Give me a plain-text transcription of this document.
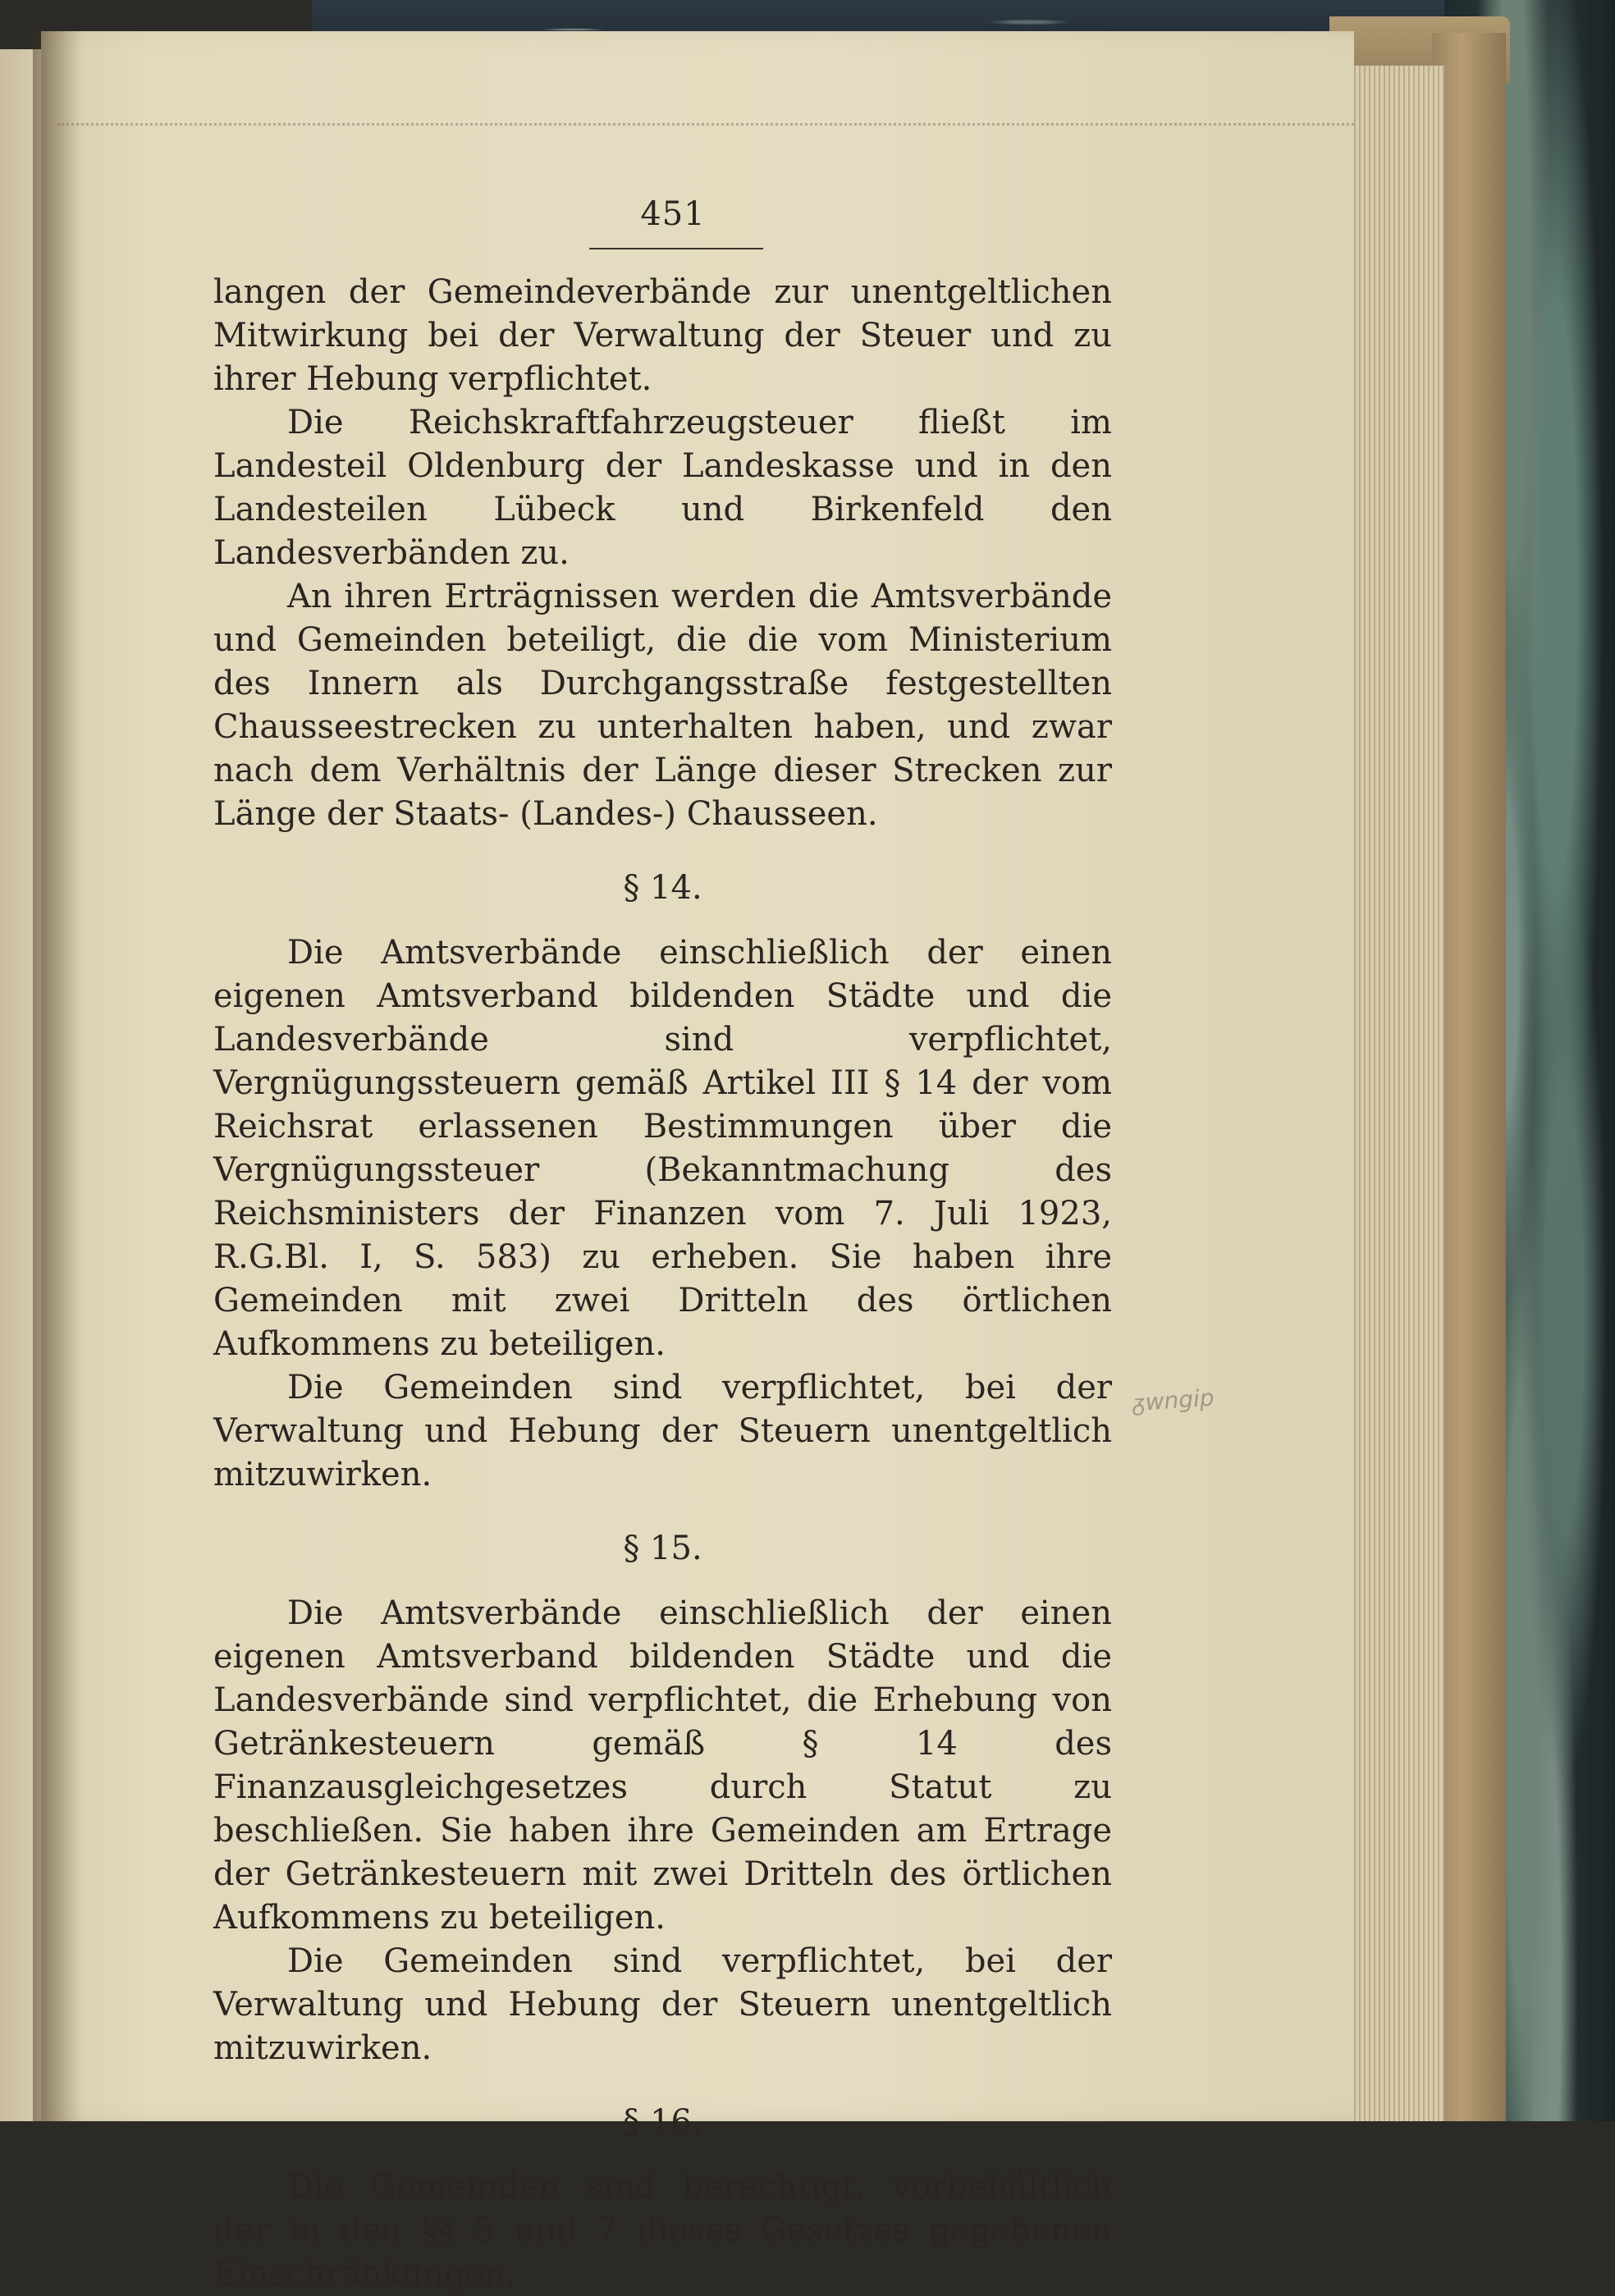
451

langen der Gemeindeverbände zur unentgeltlichen Mitwirkung bei der Verwaltung der Steuer und zu ihrer Hebung verpflichtet.

Die Reichskraftfahrzeugsteuer fließt im Landesteil Oldenburg der Landeskasse und in den Landesteilen Lübeck und Birkenfeld den Landesverbänden zu.

An ihren Erträgnissen werden die Amtsverbände und Gemeinden beteiligt, die die vom Ministerium des Innern als Durchgangsstraße festgestellten Chausseestrecken zu unterhalten haben, und zwar nach dem Verhältnis der Länge dieser Strecken zur Länge der Staats- (Landes-) Chausseen.

§ 14.

Die Amtsverbände einschließlich der einen eigenen Amtsverband bildenden Städte und die Landesverbände sind verpflichtet, Vergnügungssteuern gemäß Artikel III § 14 der vom Reichsrat erlassenen Bestimmungen über die Vergnügungssteuer (Bekanntmachung des Reichsministers der Finanzen vom 7. Juli 1923, R.G.Bl. I, S. 583) zu erheben. Sie haben ihre Gemeinden mit zwei Dritteln des örtlichen Aufkommens zu beteiligen.

Die Gemeinden sind verpflichtet, bei der Verwaltung und Hebung der Steuern unentgeltlich mitzuwirken.

§ 15.

Die Amtsverbände einschließlich der einen eigenen Amtsverband bildenden Städte und die Landesverbände sind verpflichtet, die Erhebung von Getränkesteuern gemäß § 14 des Finanzausgleichgesetzes durch Statut zu beschließen. Sie haben ihre Gemeinden am Ertrage der Getränkesteuern mit zwei Dritteln des örtlichen Aufkommens zu beteiligen.

Die Gemeinden sind verpflichtet, bei der Verwaltung und Hebung der Steuern unentgeltlich mitzuwirken.

§ 16.

Die Gemeinden sind berechtigt, vorbehältlich der in den §§ 5 und 7 dieses Gesetzes gegebenen Einschränkungen,

ᵹwngip
